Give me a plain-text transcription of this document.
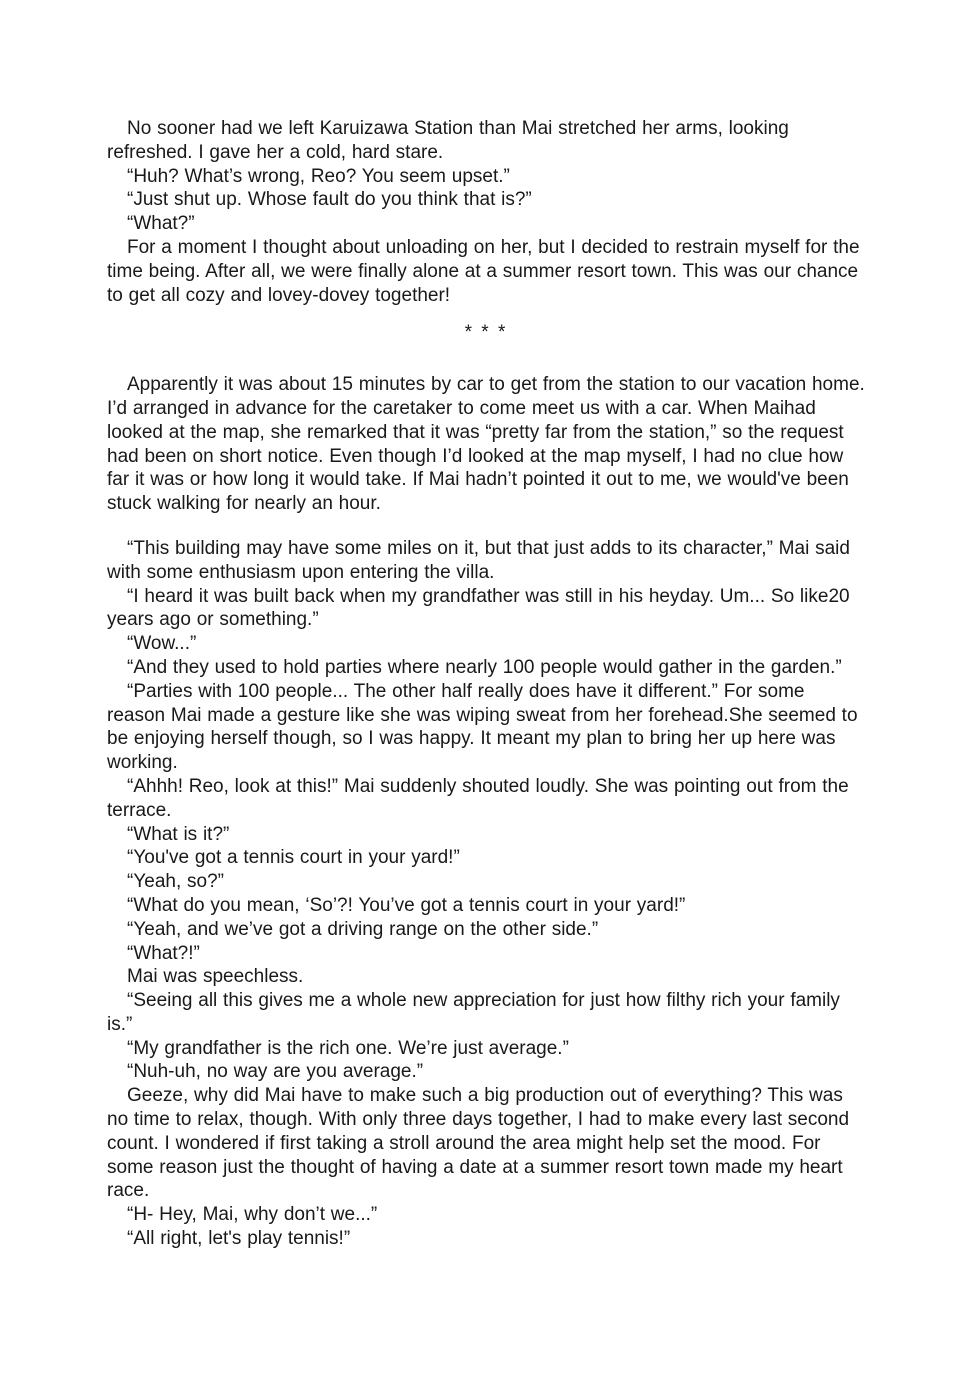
No sooner had we left Karuizawa Station than Mai stretched her arms, looking refreshed. I gave her a cold, hard stare.

“Huh? What’s wrong, Reo? You seem upset.”

“Just shut up. Whose fault do you think that is?”

“What?”

For a moment I thought about unloading on her, but I decided to restrain myself for the time being. After all, we were finally alone at a summer resort town. This was our chance to get all cozy and lovey-dovey together!

* * *

Apparently it was about 15 minutes by car to get from the station to our vacation home. I’d arranged in advance for the caretaker to come meet us with a car. When Maihad looked at the map, she remarked that it was “pretty far from the station,” so the request had been on short notice. Even though I’d looked at the map myself, I had no clue how far it was or how long it would take. If Mai hadn’t pointed it out to me, we would've been stuck walking for nearly an hour.

“This building may have some miles on it, but that just adds to its character,” Mai said with some enthusiasm upon entering the villa.

“I heard it was built back when my grandfather was still in his heyday. Um... So like20 years ago or something.”

“Wow...”

“And they used to hold parties where nearly 100 people would gather in the garden.”

“Parties with 100 people... The other half really does have it different.” For some reason Mai made a gesture like she was wiping sweat from her forehead.She seemed to be enjoying herself though, so I was happy. It meant my plan to bring her up here was working.

“Ahhh! Reo, look at this!” Mai suddenly shouted loudly. She was pointing out from the terrace.

“What is it?”

“You've got a tennis court in your yard!”

“Yeah, so?”

“What do you mean, ‘So’?! You’ve got a tennis court in your yard!”

“Yeah, and we’ve got a driving range on the other side.”

“What?!”

Mai was speechless.

“Seeing all this gives me a whole new appreciation for just how filthy rich your family is.”

“My grandfather is the rich one. We’re just average.”

“Nuh-uh, no way are you average.”

Geeze, why did Mai have to make such a big production out of everything? This was no time to relax, though. With only three days together, I had to make every last second count. I wondered if first taking a stroll around the area might help set the mood. For some reason just the thought of having a date at a summer resort town made my heart race.

“H- Hey, Mai, why don’t we...”

“All right, let's play tennis!”
